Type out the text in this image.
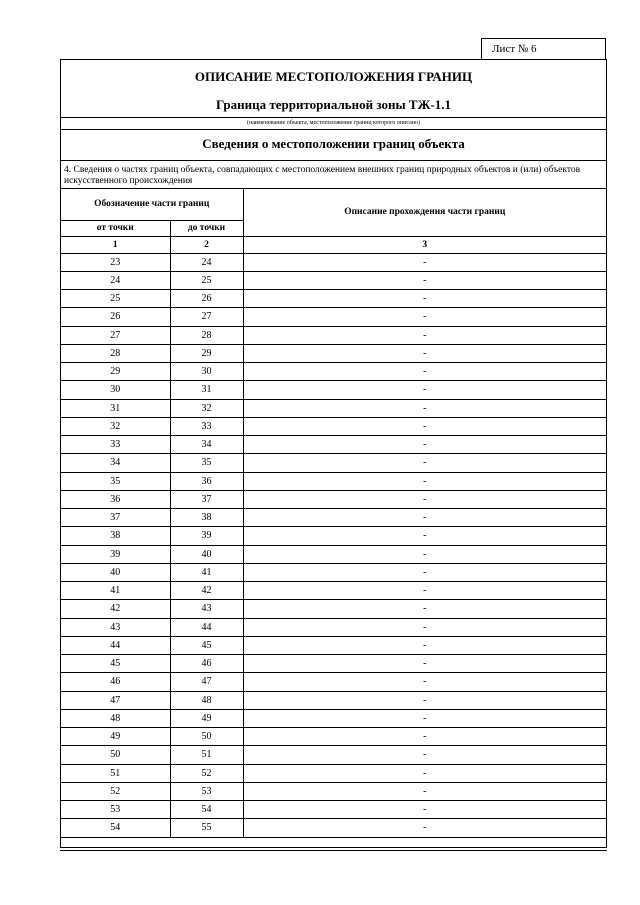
Лист № 6
ОПИСАНИЕ МЕСТОПОЛОЖЕНИЯ ГРАНИЦ
Граница территориальной зоны ТЖ-1.1
(наименование объекта, местоположение границ которого описано)
Сведения о местоположении границ объекта
4. Сведения о частях границ объекта, совпадающих с местоположением внешних границ природных объектов и (или) объектов искусственного происхождения
Обозначение части границ		Описание прохождения части границ
от точки	до точки	
1	2	3
23	24	-
24	25	-
25	26	-
26	27	-
27	28	-
28	29	-
29	30	-
30	31	-
31	32	-
32	33	-
33	34	-
34	35	-
35	36	-
36	37	-
37	38	-
38	39	-
39	40	-
40	41	-
41	42	-
42	43	-
43	44	-
44	45	-
45	46	-
46	47	-
47	48	-
48	49	-
49	50	-
50	51	-
51	52	-
52	53	-
53	54	-
54	55	-
